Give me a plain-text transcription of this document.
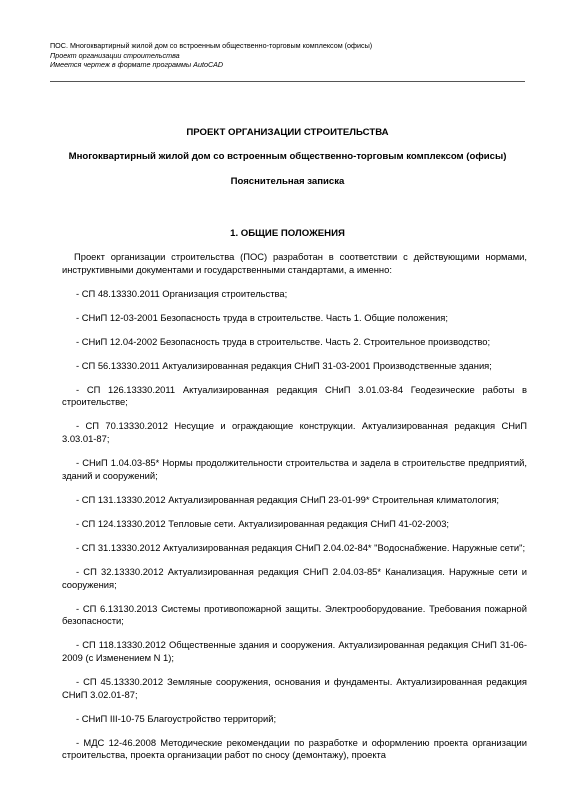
ПОС. Многоквартирный жилой дом со встроенным общественно-торговым комплексом (офисы)
Проект организации строительства
Имеется чертеж в формате программы AutoCAD
ПРОЕКТ ОРГАНИЗАЦИИ СТРОИТЕЛЬСТВА
Многоквартирный жилой дом со встроенным общественно-торговым комплексом (офисы)
Пояснительная записка
1. ОБЩИЕ ПОЛОЖЕНИЯ

Проект организации строительства (ПОС) разработан в соответствии с действующими нормами, инструктивными документами и государственными стандартами, а именно:

- СП 48.13330.2011 Организация строительства;

- СНиП 12-03-2001 Безопасность труда в строительстве. Часть 1. Общие положения;

- СНиП 12.04-2002 Безопасность труда в строительстве. Часть 2. Строительное производство;

- СП 56.13330.2011 Актуализированная редакция СНиП 31-03-2001 Производственные здания;

- СП 126.13330.2011 Актуализированная редакция СНиП 3.01.03-84 Геодезические работы в строительстве;

- СП 70.13330.2012 Несущие и ограждающие конструкции. Актуализированная редакция СНиП 3.03.01-87;

- СНиП 1.04.03-85* Нормы продолжительности строительства и задела в строительстве предприятий, зданий и сооружений;

- СП 131.13330.2012 Актуализированная редакция СНиП 23-01-99* Строительная климатология;

- СП 124.13330.2012 Тепловые сети. Актуализированная редакция СНиП 41-02-2003;

- СП 31.13330.2012 Актуализированная редакция СНиП 2.04.02-84* "Водоснабжение. Наружные сети";

- СП 32.13330.2012 Актуализированная редакция СНиП 2.04.03-85* Канализация. Наружные сети и сооружения;

- СП 6.13130.2013 Системы противопожарной защиты. Электрооборудование. Требования пожарной безопасности;

- СП 118.13330.2012 Общественные здания и сооружения. Актуализированная редакция СНиП 31-06-2009 (с Изменением N 1);

- СП 45.13330.2012 Земляные сооружения, основания и фундаменты. Актуализированная редакция СНиП 3.02.01-87;

- СНиП III-10-75 Благоустройство территорий;

- МДС 12-46.2008 Методические рекомендации по разработке и оформлению проекта организации строительства, проекта организации работ по сносу (демонтажу), проекта
